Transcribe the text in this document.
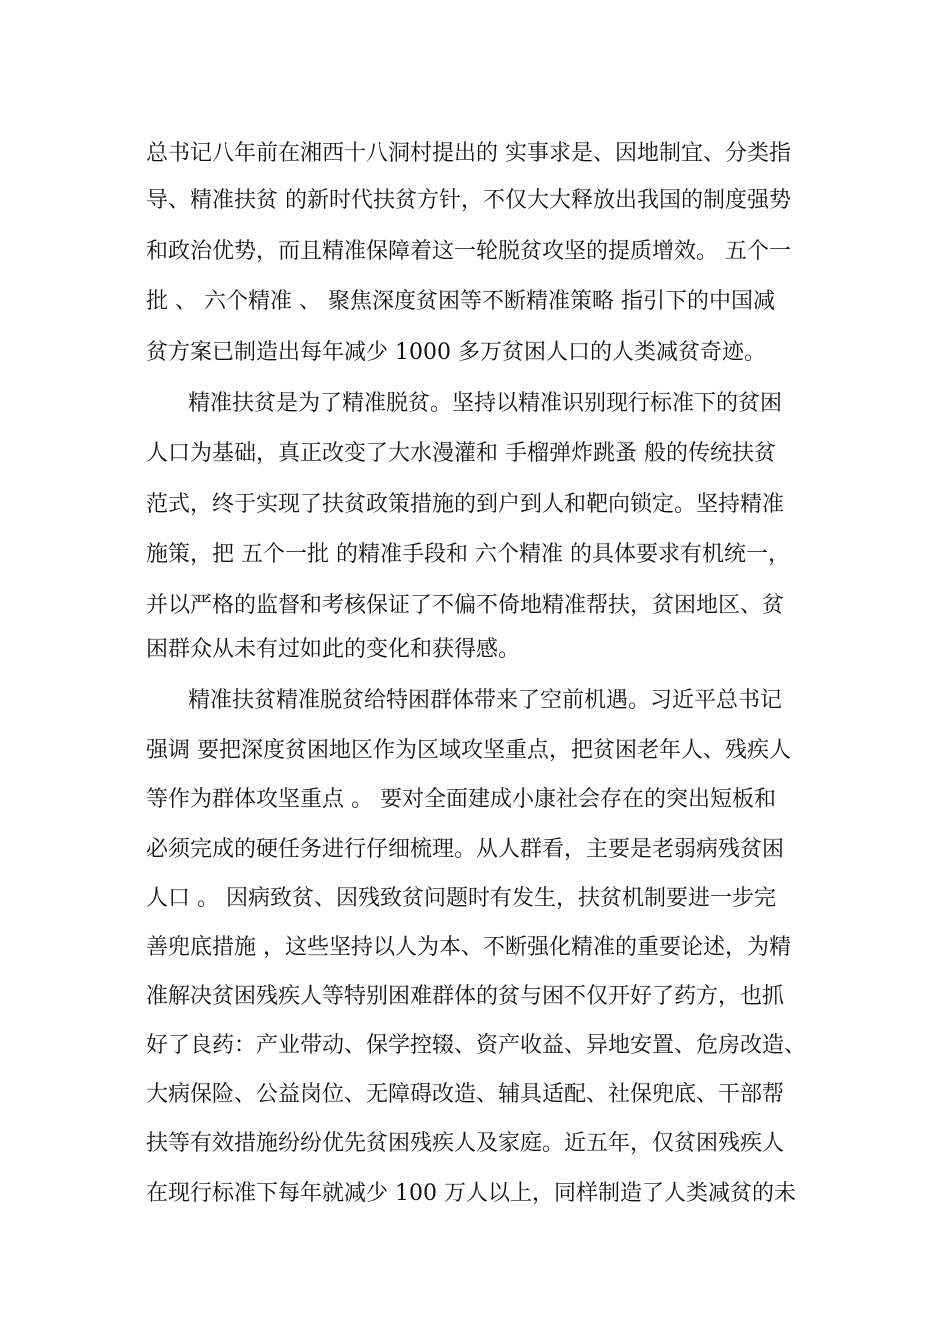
总书记八年前在湘西十八洞村提出的 实事求是、因地制宜、分类指
导、精准扶贫 的新时代扶贫方针，不仅大大释放出我国的制度强势
和政治优势，而且精准保障着这一轮脱贫攻坚的提质增效。 五个一
批 、 六个精准 、 聚焦深度贫困等不断精准策略 指引下的中国减
贫方案已制造出每年减少 1000 多万贫困人口的人类减贫奇迹。
精准扶贫是为了精准脱贫。坚持以精准识别现行标准下的贫困
人口为基础，真正改变了大水漫灌和 手榴弹炸跳蚤 般的传统扶贫
范式，终于实现了扶贫政策措施的到户到人和靶向锁定。坚持精准
施策，把 五个一批 的精准手段和 六个精准 的具体要求有机统一，
并以严格的监督和考核保证了不偏不倚地精准帮扶，贫困地区、贫
困群众从未有过如此的变化和获得感。
精准扶贫精准脱贫给特困群体带来了空前机遇。习近平总书记
强调 要把深度贫困地区作为区域攻坚重点，把贫困老年人、残疾人
等作为群体攻坚重点 。 要对全面建成小康社会存在的突出短板和
必须完成的硬任务进行仔细梳理。从人群看，主要是老弱病残贫困
人口 。 因病致贫、因残致贫问题时有发生，扶贫机制要进一步完
善兜底措施 ，这些坚持以人为本、不断强化精准的重要论述，为精
准解决贫困残疾人等特别困难群体的贫与困不仅开好了药方，也抓
好了良药：产业带动、保学控辍、资产收益、异地安置、危房改造、
大病保险、公益岗位、无障碍改造、辅具适配、社保兜底、干部帮
扶等有效措施纷纷优先贫困残疾人及家庭。近五年，仅贫困残疾人
在现行标准下每年就减少 100 万人以上，同样制造了人类减贫的未
